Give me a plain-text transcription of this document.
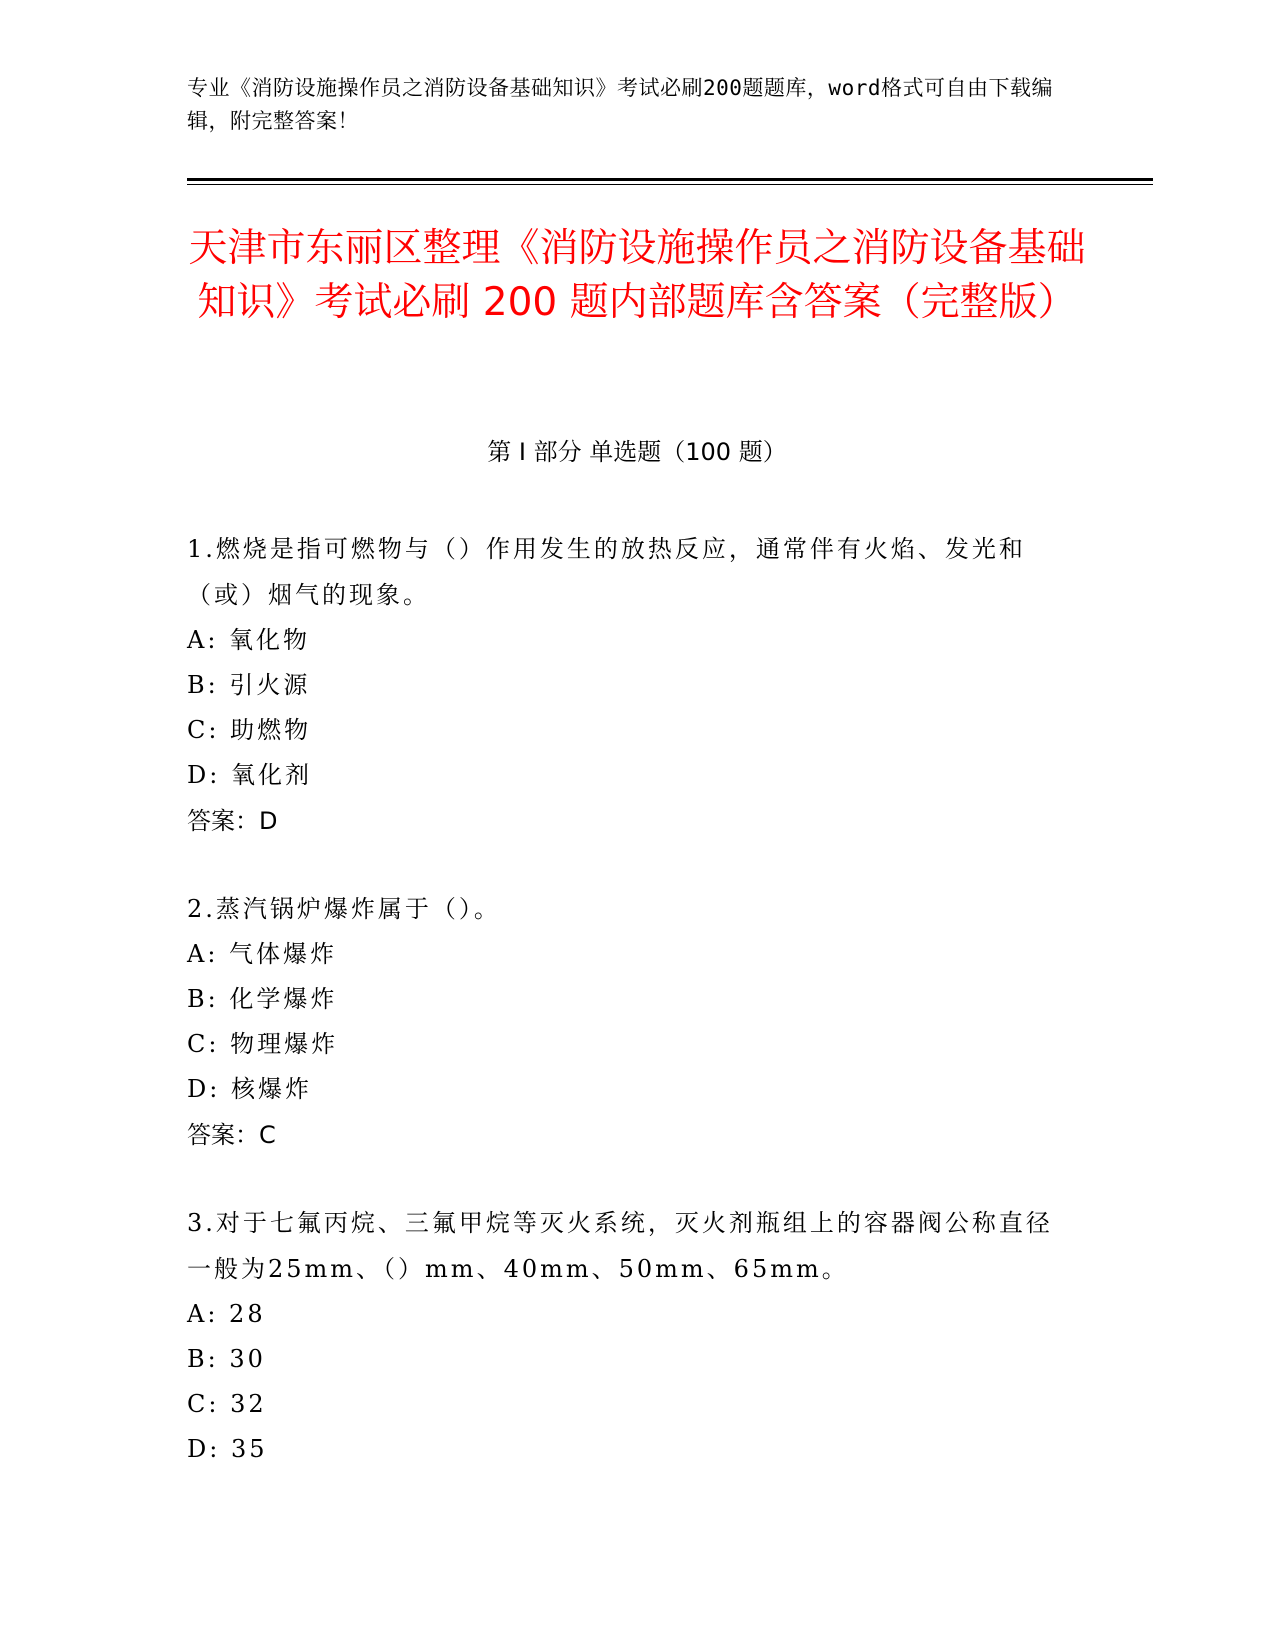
专业《消防设施操作员之消防设备基础知识》考试必刷200题题库，word格式可自由下载编辑，附完整答案！
天津市东丽区整理《消防设施操作员之消防设备基础知识》考试必刷 200 题内部题库含答案（完整版）
第 I 部分 单选题（100 题）

1.燃烧是指可燃物与（）作用发生的放热反应，通常伴有火焰、发光和（或）烟气的现象。

A: 氧化物

B: 引火源

C: 助燃物

D: 氧化剂

答案：D

2.蒸汽锅炉爆炸属于（）。

A: 气体爆炸

B: 化学爆炸

C: 物理爆炸

D: 核爆炸

答案：C

3.对于七氟丙烷、三氟甲烷等灭火系统，灭火剂瓶组上的容器阀公称直径一般为25mm、（）mm、40mm、50mm、65mm。

A: 28

B: 30

C: 32

D: 35
